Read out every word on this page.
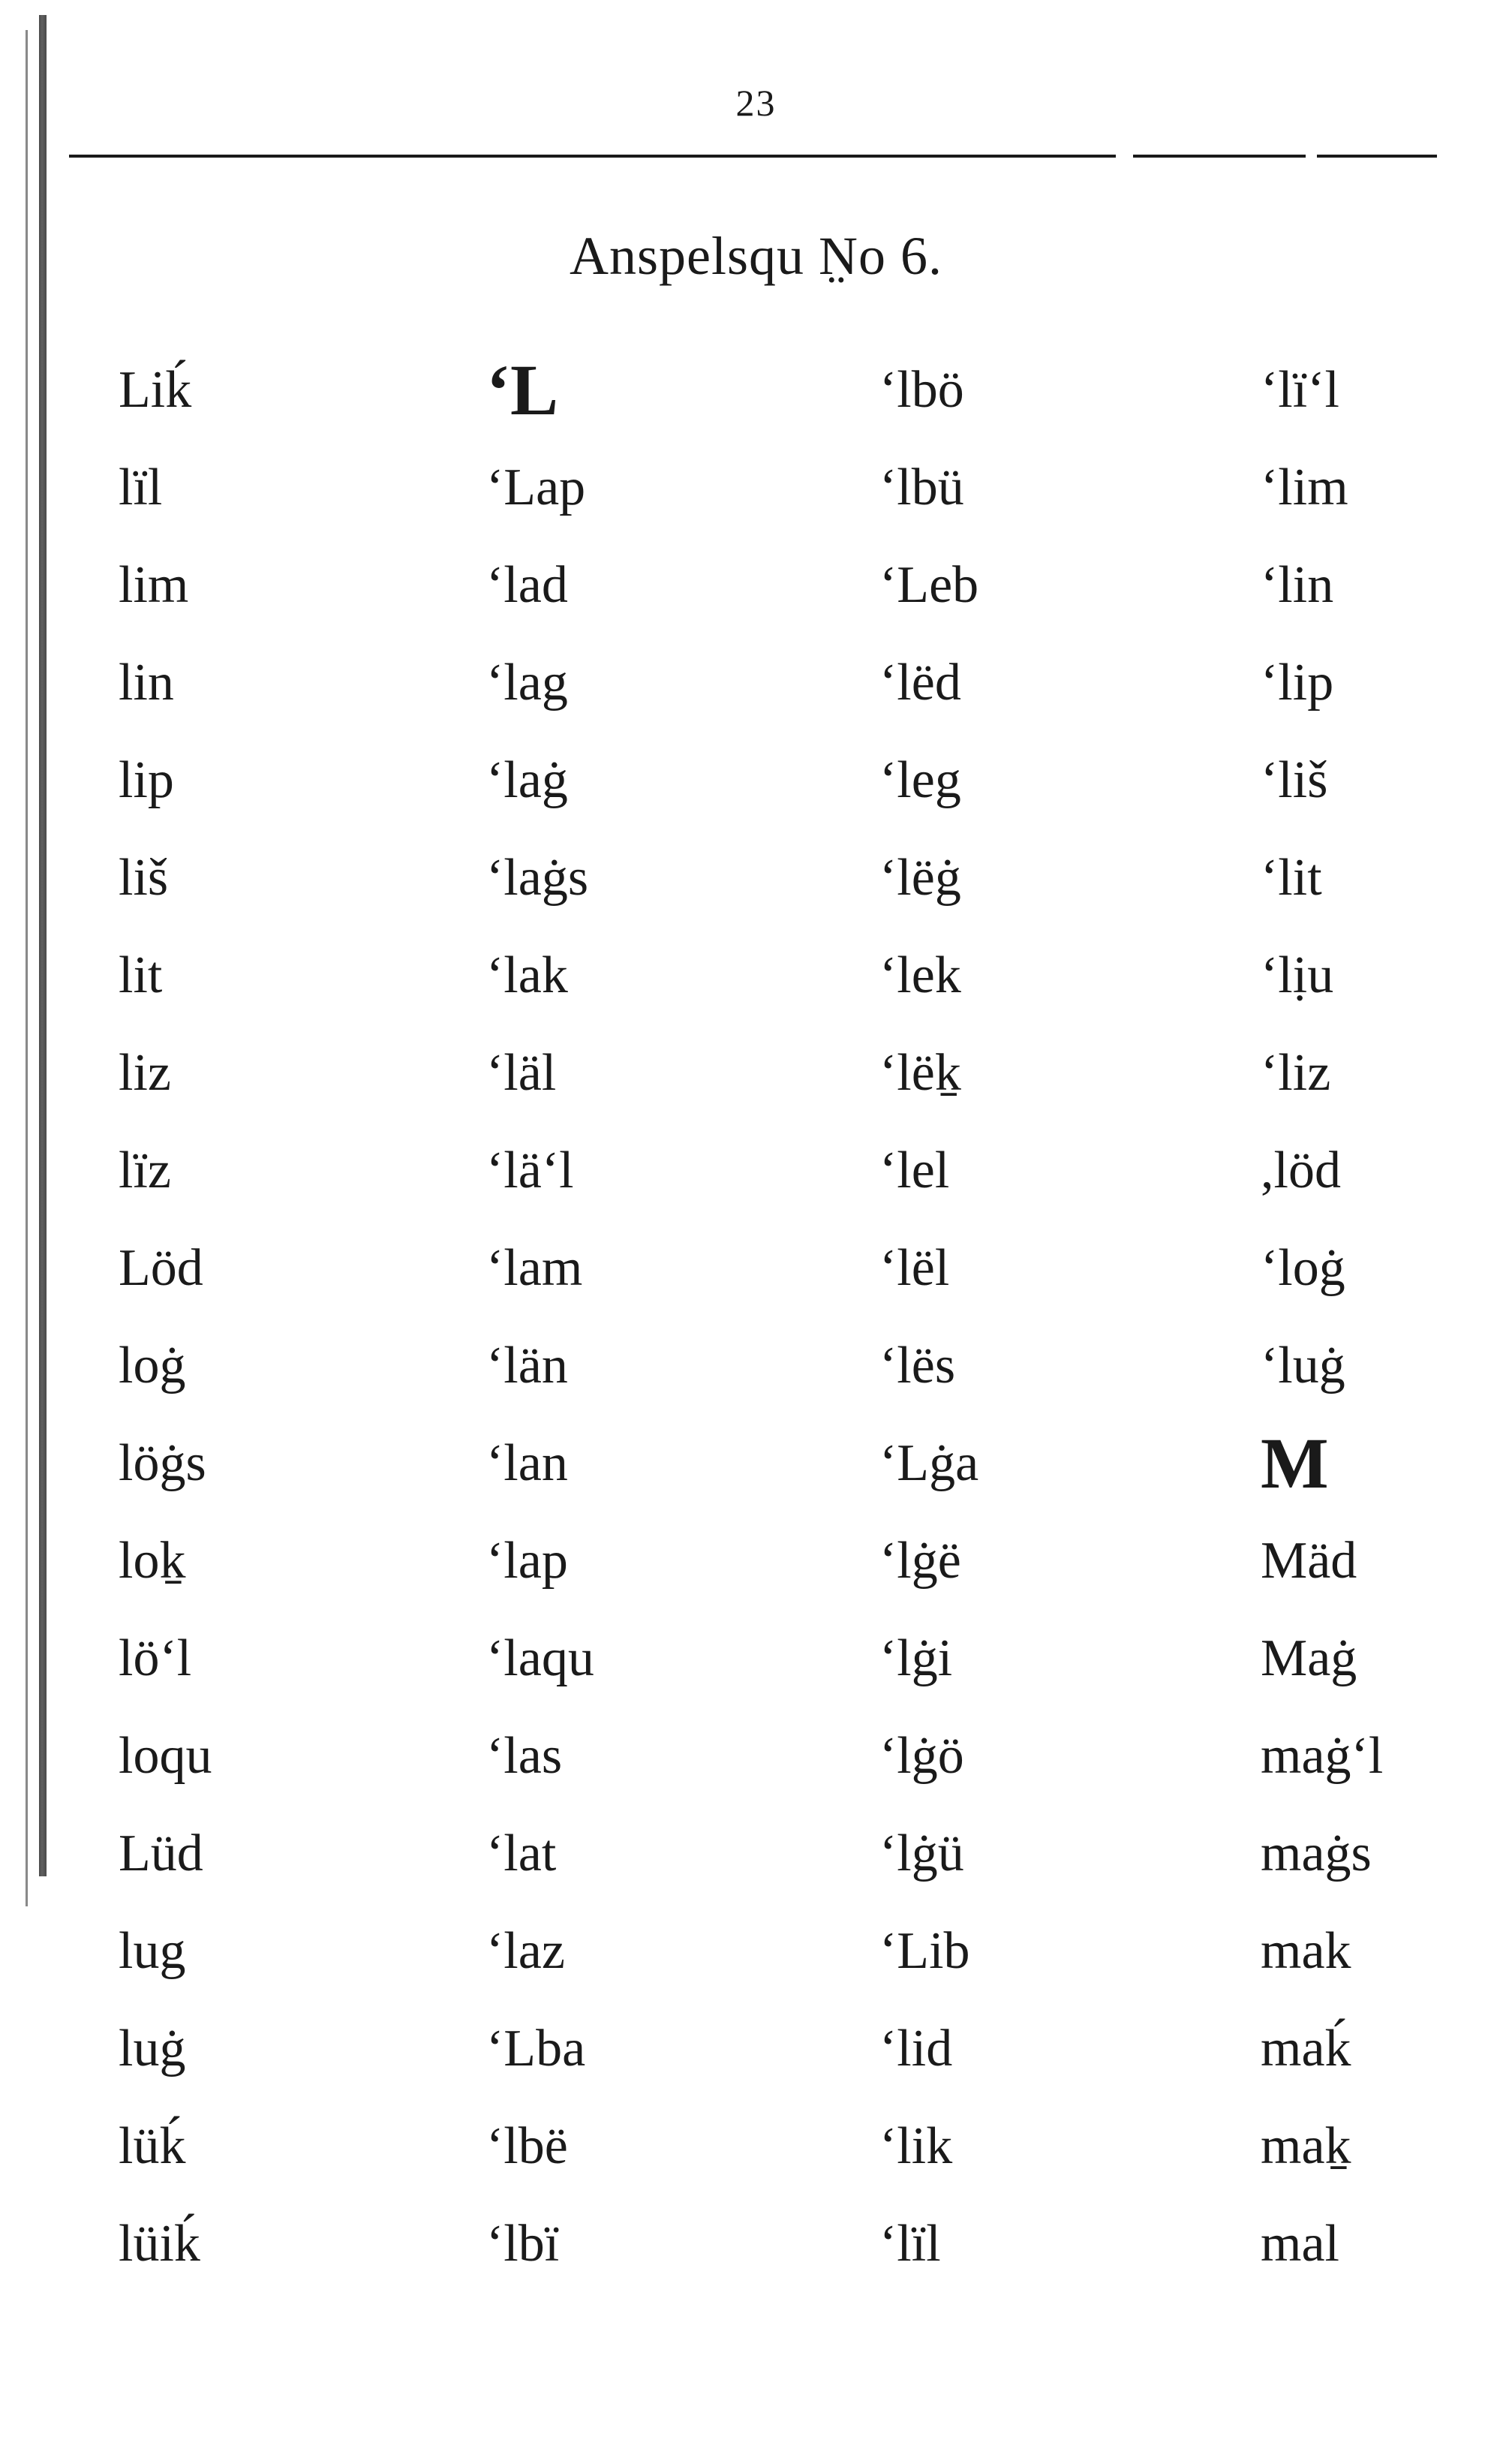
23
Anspelsqu N̤o 6.
Liḱ	‘L	‘lbö	‘lï‘l
lïl	‘Lap	‘lbü	‘lim
lim	‘lad	‘Leb	‘lin
lin	‘lag	‘lëd	‘lip
lip	‘laġ	‘leg	‘liš
liš	‘laġs	‘lëġ	‘lit
lit	‘lak	‘lek	‘lịu
liz	‘läl	‘lëḵ	‘liz
lïz	‘lä‘l	‘lel	,löd
Löd	‘lam	‘lël	‘loġ
loġ	‘län	‘lës	‘luġ
löġs	‘lan	‘Lġa	M
loḵ	‘lap	‘lġë	Mäd
lö‘l	‘laqu	‘lġi	Maġ
loqu	‘las	‘lġö	maġ‘l
Lüd	‘lat	‘lġü	maġs
lug	‘laz	‘Lib	mak
luġ	‘Lba	‘lid	maḱ
lüḱ	‘lbë	‘lik	maḵ
lüiḱ	‘lbï	‘lïl	mal
